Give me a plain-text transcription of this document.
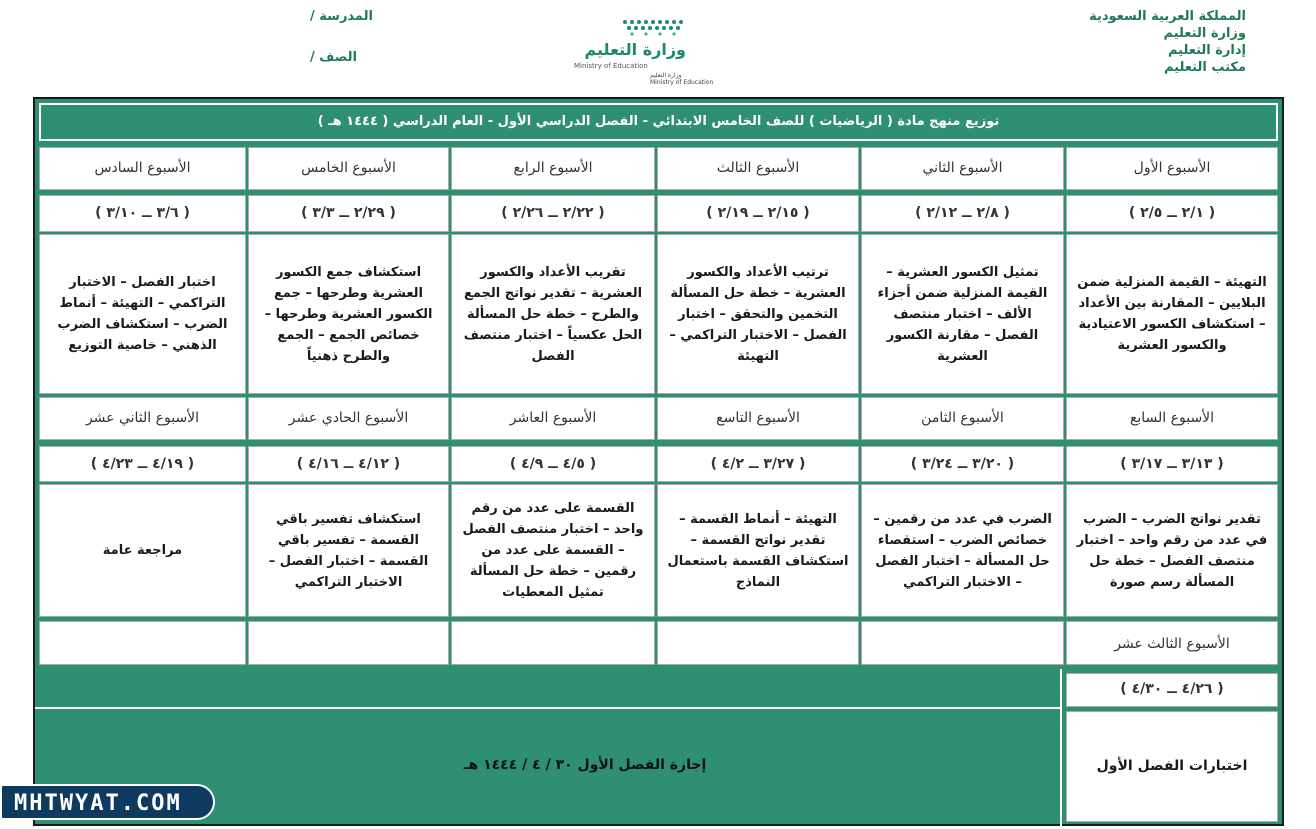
المملكة العربية السعودية
وزارة التعليم
إدارة التعليم
مكتب التعليم
المدرسة /
الصف /	وزارة التعليم
Ministry of Education
وزارة التعليم
Ministry of Education
توزيع منهج مادة ( الرياضيات ) للصف الخامس الابتدائي - الفصل الدراسي الأول - العام الدراسي ( ١٤٤٤ هـ )
الأسبوع الأول
الأسبوع الثاني
الأسبوع الثالث
الأسبوع الرابع
الأسبوع الخامس
الأسبوع السادس
( ٢/١ ــ ٢/٥ )
( ٢/٨ ــ ٢/١٢ )
( ٢/١٥ ــ ٢/١٩ )
( ٢/٢٢ ــ ٢/٢٦ )
( ٢/٢٩ ــ ٣/٣ )
( ٣/٦ ــ ٣/١٠ )
التهيئة – القيمة المنزلية ضمن البلايين – المقارنة بين الأعداد – استكشاف الكسور الاعتيادية والكسور العشرية
تمثيل الكسور العشرية – القيمة المنزلية ضمن أجزاء الألف – اختبار منتصف الفصل – مقارنة الكسور العشرية
ترتيب الأعداد والكسور العشرية – خطة حل المسألة التخمين والتحقق – اختبار الفصل – الاختبار التراكمي – التهيئة
تقريب الأعداد والكسور العشرية – تقدير نواتج الجمع والطرح – خطة حل المسألة الحل عكسياً – اختبار منتصف الفصل
استكشاف جمع الكسور العشرية وطرحها – جمع الكسور العشرية وطرحها – خصائص الجمع – الجمع والطرح ذهنياً
اختبار الفصل – الاختبار التراكمي – التهيئة – أنماط الضرب – استكشاف الضرب الذهني – خاصية التوزيع
الأسبوع السابع
الأسبوع الثامن
الأسبوع التاسع
الأسبوع العاشر
الأسبوع الحادي عشر
الأسبوع الثاني عشر
( ٣/١٣ ــ ٣/١٧ )
( ٣/٢٠ ــ ٣/٢٤ )
( ٣/٢٧ ــ ٤/٢ )
( ٤/٥ ــ ٤/٩ )
( ٤/١٢ ــ ٤/١٦ )
( ٤/١٩ ــ ٤/٢٣ )
تقدير نواتج الضرب – الضرب في عدد من رقم واحد – اختبار منتصف الفصل – خطة حل المسألة رسم صورة
الضرب في عدد من رقمين – خصائص الضرب – استقصاء حل المسألة – اختبار الفصل – الاختبار التراكمي
التهيئة – أنماط القسمة – تقدير نواتج القسمة – استكشاف القسمة باستعمال النماذج
القسمة على عدد من رقم واحد – اختبار منتصف الفصل – القسمة على عدد من رقمين – خطة حل المسألة تمثيل المعطيات
استكشاف تفسير باقي القسمة – تفسير باقي القسمة – اختبار الفصل – الاختبار التراكمي
مراجعة عامة
الأسبوع الثالث عشر
( ٤/٢٦ ــ ٤/٣٠ )
اختبارات الفصل الأول
إجازة الفصل الأول ٣٠ / ٤ / ١٤٤٤ هـ
MHTWYAT.COM
